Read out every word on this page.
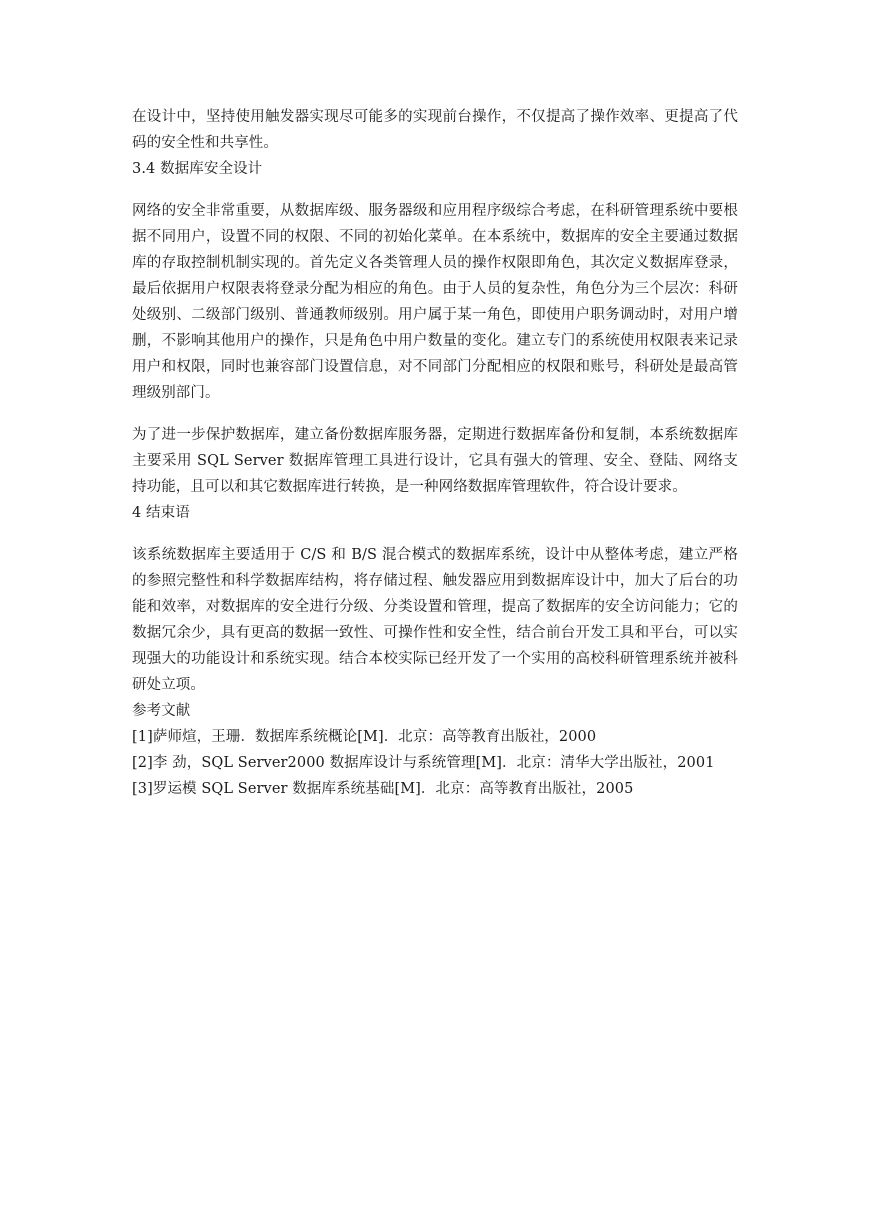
在设计中，坚持使用触发器实现尽可能多的实现前台操作，不仅提高了操作效率、更提高了代码的安全性和共享性。

3.4 数据库安全设计

网络的安全非常重要，从数据库级、服务器级和应用程序级综合考虑，在科研管理系统中要根据不同用户，设置不同的权限、不同的初始化菜单。在本系统中，数据库的安全主要通过数据库的存取控制机制实现的。首先定义各类管理人员的操作权限即角色，其次定义数据库登录，最后依据用户权限表将登录分配为相应的角色。由于人员的复杂性，角色分为三个层次：科研处级别、二级部门级别、普通教师级别。用户属于某一角色，即使用户职务调动时，对用户增删，不影响其他用户的操作，只是角色中用户数量的变化。建立专门的系统使用权限表来记录用户和权限，同时也兼容部门设置信息，对不同部门分配相应的权限和账号，科研处是最高管理级别部门。

为了进一步保护数据库，建立备份数据库服务器，定期进行数据库备份和复制，本系统数据库主要采用 SQL Server 数据库管理工具进行设计，它具有强大的管理、安全、登陆、网络支持功能，且可以和其它数据库进行转换，是一种网络数据库管理软件，符合设计要求。

4 结束语

该系统数据库主要适用于 C/S 和 B/S 混合模式的数据库系统，设计中从整体考虑，建立严格的参照完整性和科学数据库结构，将存储过程、触发器应用到数据库设计中，加大了后台的功能和效率，对数据库的安全进行分级、分类设置和管理，提高了数据库的安全访问能力；它的数据冗余少，具有更高的数据一致性、可操作性和安全性，结合前台开发工具和平台，可以实现强大的功能设计和系统实现。结合本校实际已经开发了一个实用的高校科研管理系统并被科研处立项。

参考文献

[1]萨师煊，王珊．数据库系统概论[M]．北京：高等教育出版社，2000

[2]李 劲，SQL Server2000 数据库设计与系统管理[M]．北京：清华大学出版社，2001

[3]罗运模 SQL Server 数据库系统基础[M]．北京：高等教育出版社，2005
